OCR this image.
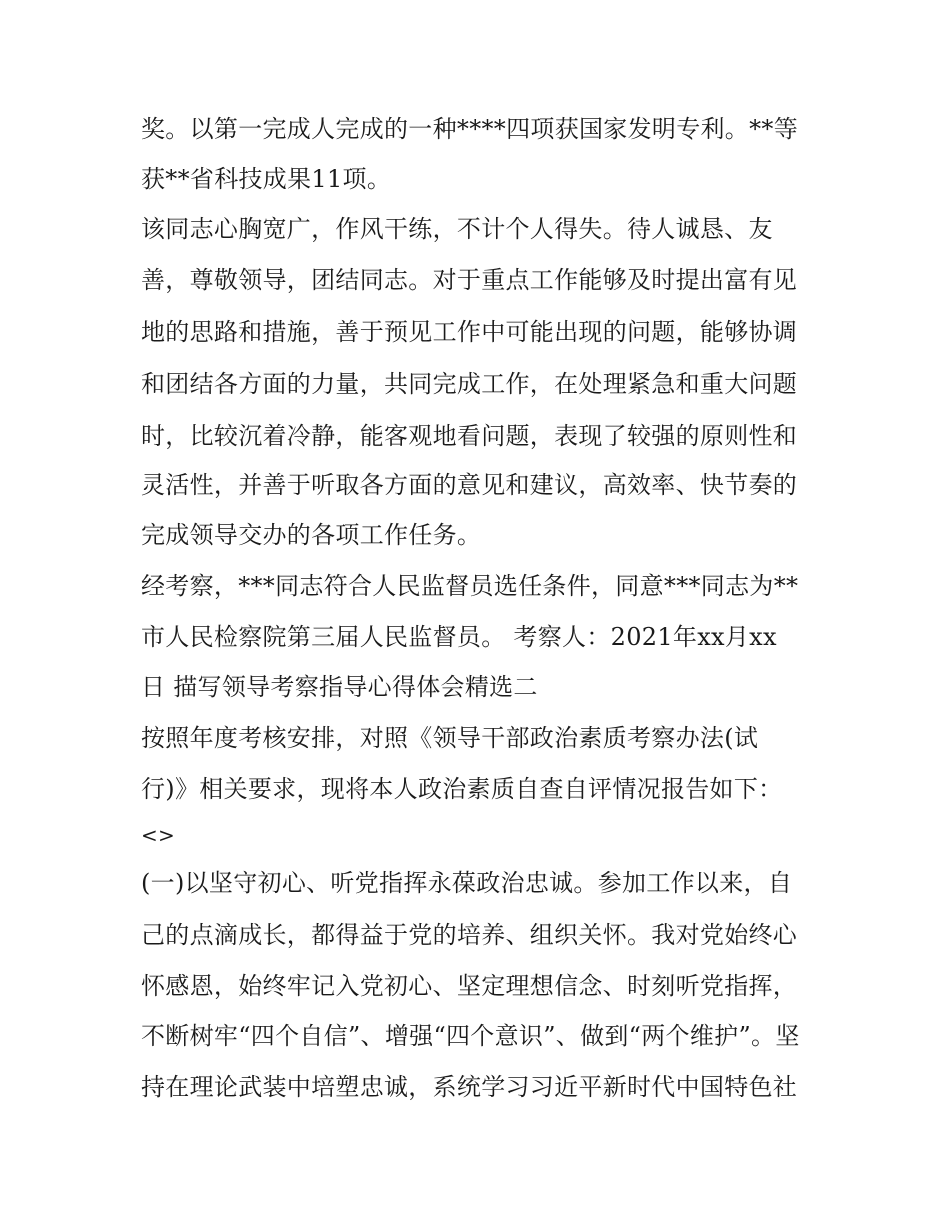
奖。以第一完成人完成的一种****四项获国家发明专利。**等
获**省科技成果11项。
该同志心胸宽广，作风干练，不计个人得失。待人诚恳、友
善，尊敬领导，团结同志。对于重点工作能够及时提出富有见
地的思路和措施，善于预见工作中可能出现的问题，能够协调
和团结各方面的力量，共同完成工作，在处理紧急和重大问题
时，比较沉着冷静，能客观地看问题，表现了较强的原则性和
灵活性，并善于听取各方面的意见和建议，高效率、快节奏的
完成领导交办的各项工作任务。
经考察，***同志符合人民监督员选任条件，同意***同志为**
市人民检察院第三届人民监督员。 考察人：2021年xx月xx
日 描写领导考察指导心得体会精选二
按照年度考核安排，对照《领导干部政治素质考察办法(试
行)》相关要求，现将本人政治素质自查自评情况报告如下：
<>
(一)以坚守初心、听党指挥永葆政治忠诚。参加工作以来，自
己的点滴成长，都得益于党的培养、组织关怀。我对党始终心
怀感恩，始终牢记入党初心、坚定理想信念、时刻听党指挥，
不断树牢“四个自信”、增强“四个意识”、做到“两个维护”。坚
持在理论武装中培塑忠诚，系统学习习近平新时代中国特色社
